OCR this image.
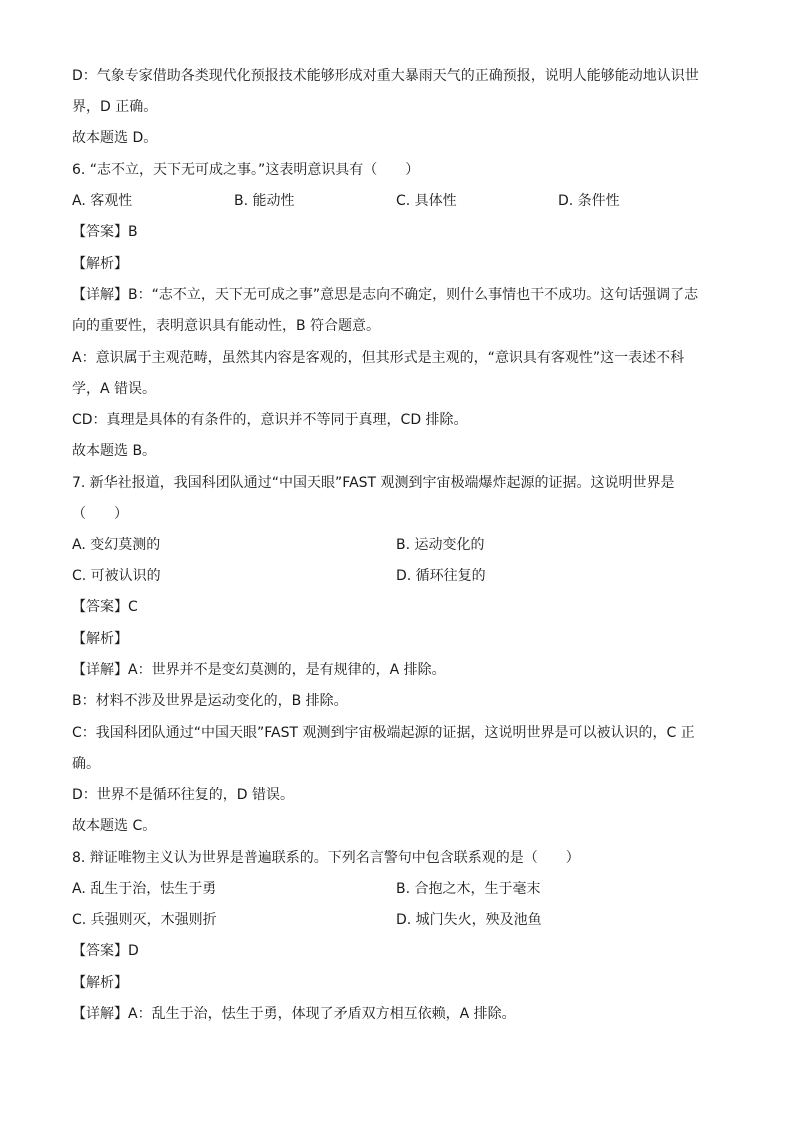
D：气象专家借助各类现代化预报技术能够形成对重大暴雨天气的正确预报，说明人能够能动地认识世
界，D 正确。
故本题选 D。
6. “志不立，天下无可成之事。”这表明意识具有（　　）
A. 客观性	B. 能动性	C. 具体性	D. 条件性
【答案】B
【解析】
【详解】B：“志不立，天下无可成之事”意思是志向不确定，则什么事情也干不成功。这句话强调了志
向的重要性，表明意识具有能动性，B 符合题意。
A：意识属于主观范畴，虽然其内容是客观的，但其形式是主观的，“意识具有客观性”这一表述不科
学，A 错误。
CD：真理是具体的有条件的，意识并不等同于真理，CD 排除。
故本题选 B。
7. 新华社报道，我国科团队通过“中国天眼”FAST 观测到宇宙极端爆炸起源的证据。这说明世界是
（　　）
A. 变幻莫测的	B. 运动变化的
C. 可被认识的	D. 循环往复的
【答案】C
【解析】
【详解】A：世界并不是变幻莫测的，是有规律的，A 排除。
B：材料不涉及世界是运动变化的，B 排除。
C：我国科团队通过“中国天眼”FAST 观测到宇宙极端起源的证据，这说明世界是可以被认识的，C 正
确。
D：世界不是循环往复的，D 错误。
故本题选 C。
8. 辩证唯物主义认为世界是普遍联系的。下列名言警句中包含联系观的是（　　）
A. 乱生于治，怯生于勇	B. 合抱之木，生于毫末
C. 兵强则灭，木强则折	D. 城门失火，殃及池鱼
【答案】D
【解析】
【详解】A：乱生于治，怯生于勇，体现了矛盾双方相互依赖，A 排除。
